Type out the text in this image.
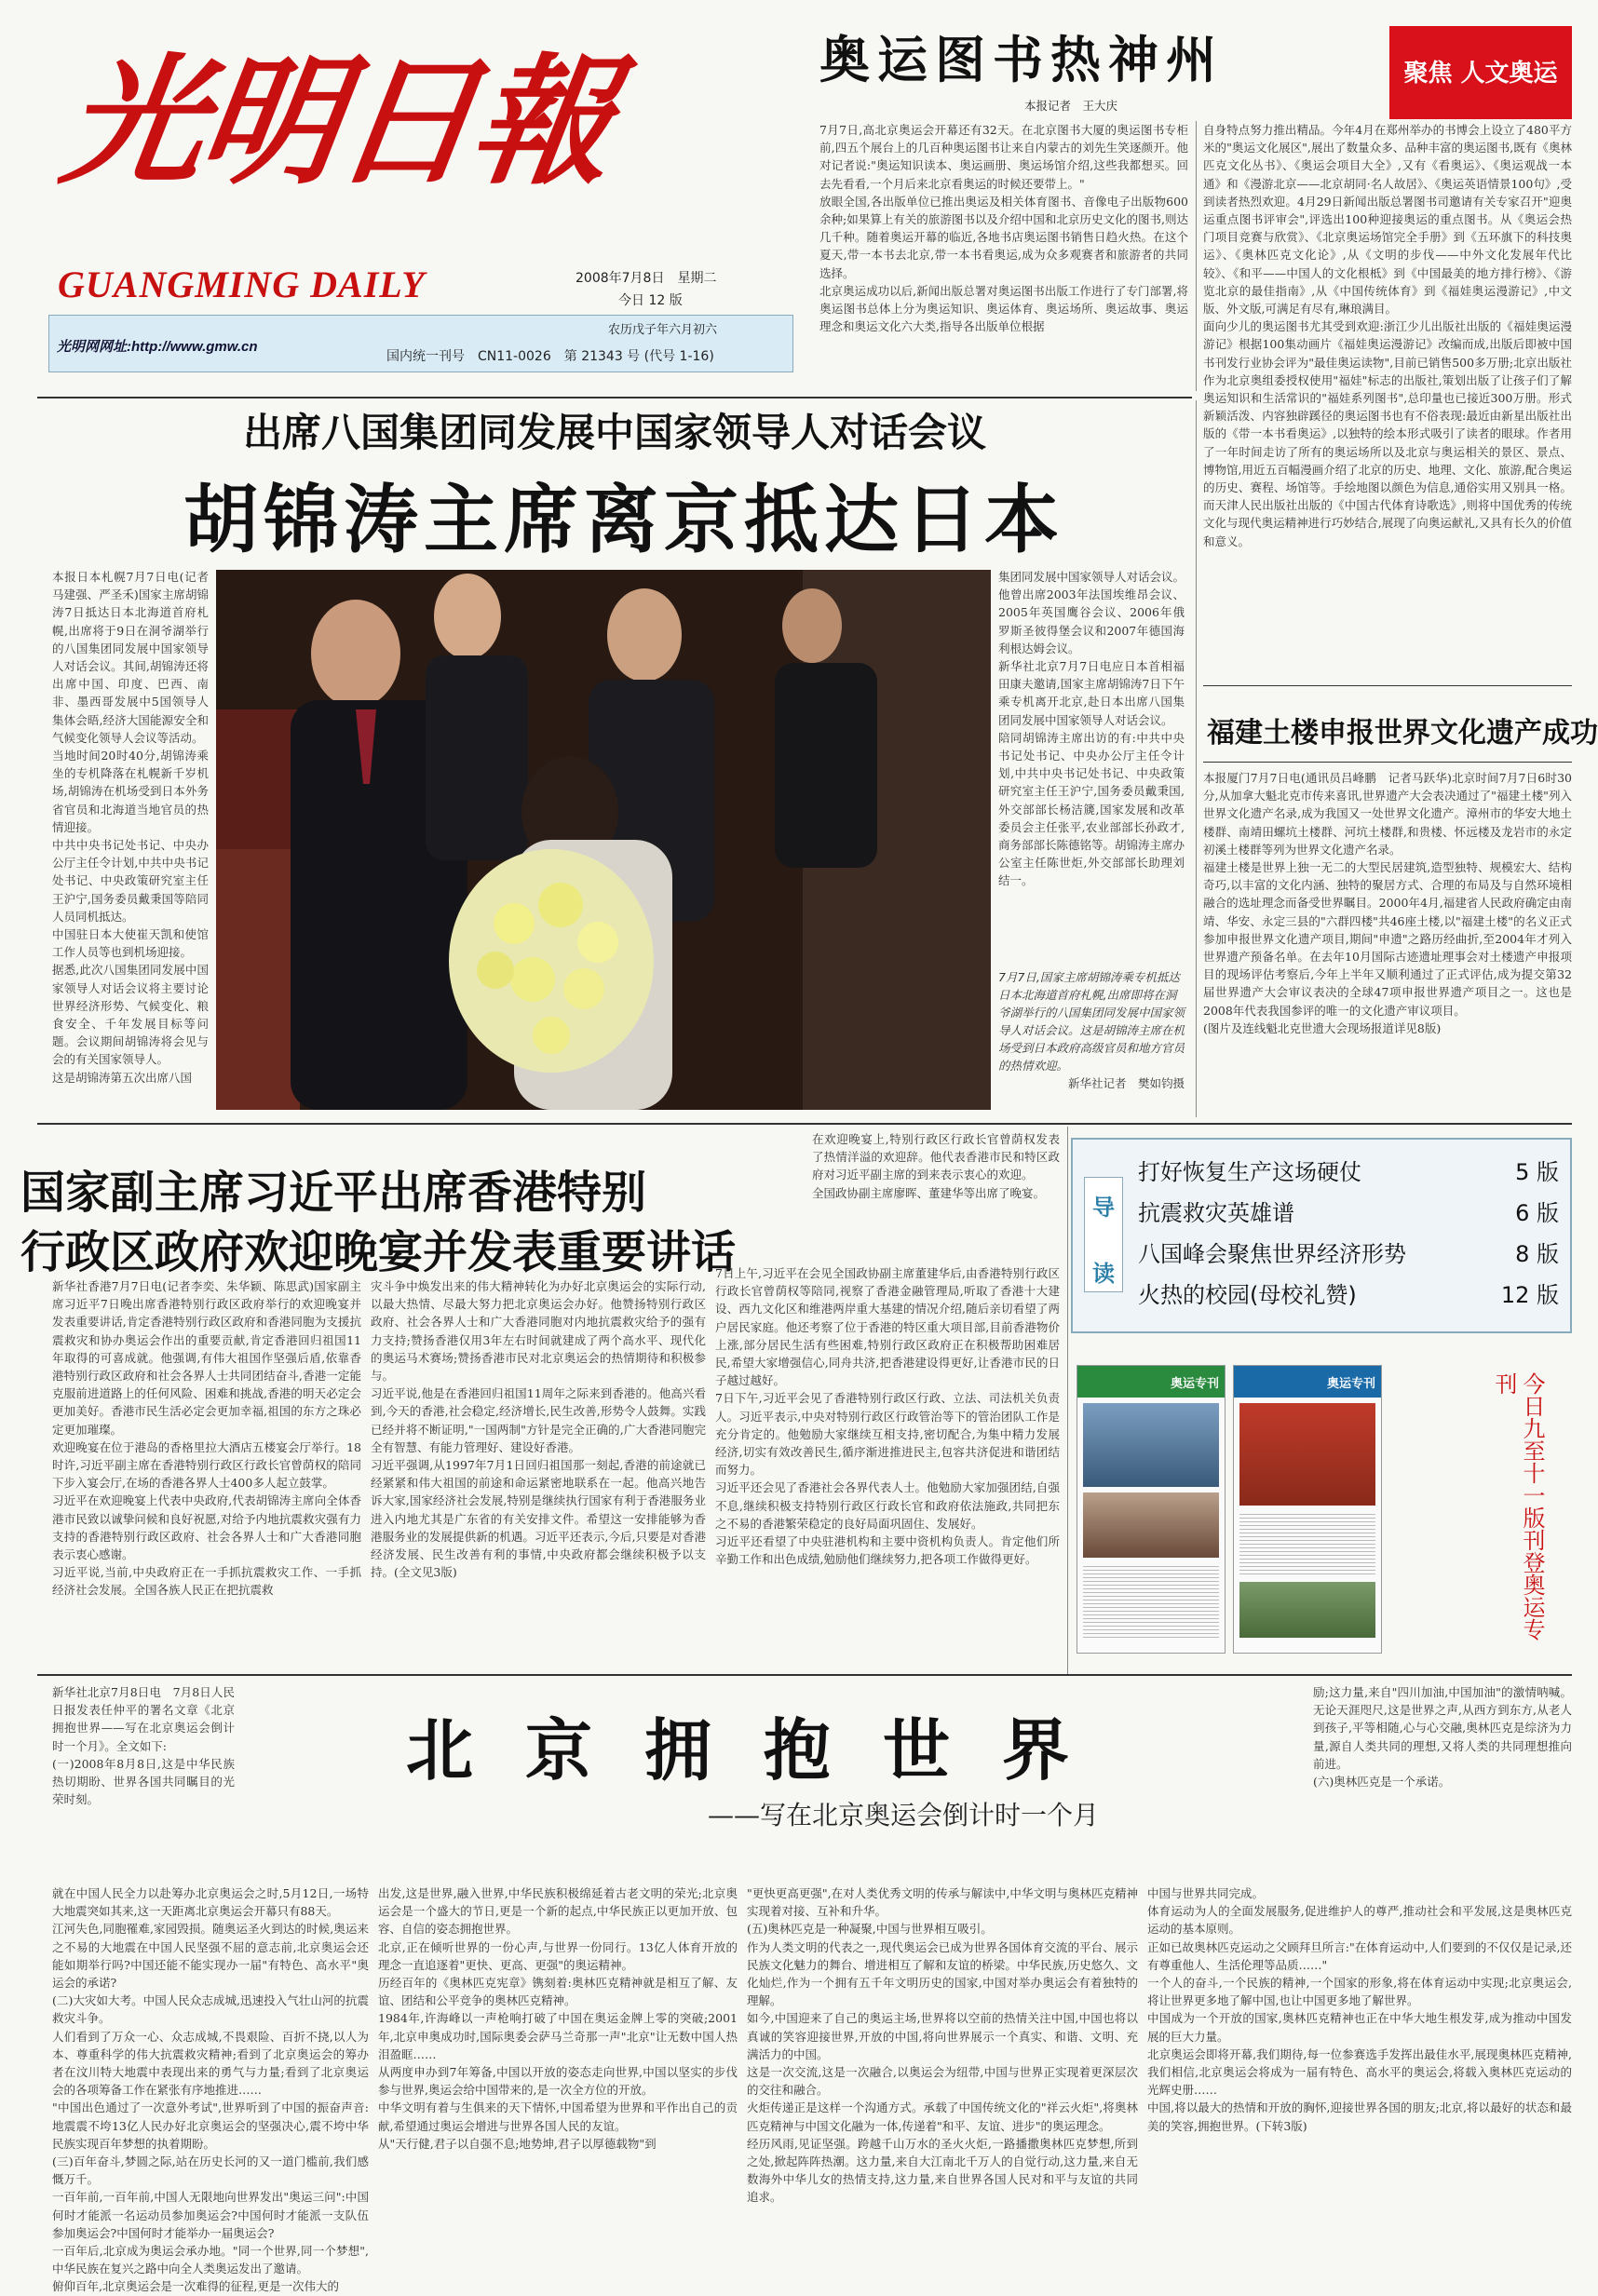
光明日報
GUANGMING DAILY	2008年7月8日　星期二
今日 12 版
光明网网址:http://www.gmw.cn
农历戊子年六月初六
国内统一刊号　CN11-0026　第 21343 号 (代号 1-16)
奥运图书热神州	聚焦 人文奥运
本报记者　王大庆
7月7日,高北京奥运会开幕还有32天。在北京图书大厦的奥运图书专柜前,四五个展台上的几百种奥运图书让来自内蒙古的刘先生笑逐颜开。他对记者说:"奥运知识读本、奥运画册、奥运场馆介绍,这些我都想买。回去先看看,一个月后来北京看奥运的时候还要带上。"
放眼全国,各出版单位已推出奥运及相关体育图书、音像电子出版物600余种;如果算上有关的旅游图书以及介绍中国和北京历史文化的图书,则达几千种。随着奥运开幕的临近,各地书店奥运图书销售日趋火热。在这个夏天,带一本书去北京,带一本书看奥运,成为众多观赛者和旅游者的共同选择。
北京奥运成功以后,新闻出版总署对奥运图书出版工作进行了专门部署,将奥运图书总体上分为奥运知识、奥运体育、奥运场所、奥运故事、奥运理念和奥运文化六大类,指导各出版单位根据
自身特点努力推出精品。今年4月在郑州举办的书博会上设立了480平方米的"奥运文化展区",展出了数量众多、品种丰富的奥运图书,既有《奥林匹克文化丛书》、《奥运会项目大全》,又有《看奥运》、《奥运观战一本通》和《漫游北京——北京胡同·名人故居》、《奥运英语情景100句》,受到读者热烈欢迎。4月29日新闻出版总署图书司邀请有关专家召开"迎奥运重点图书评审会",评选出100种迎接奥运的重点图书。从《奥运会热门项目竞赛与欣赏》、《北京奥运场馆完全手册》到《五环旗下的科技奥运》、《奥林匹克文化论》,从《文明的步伐——中外文化发展年代比较》、《和平——中国人的文化根柢》到《中国最美的地方排行榜》、《游览北京的最佳指南》,从《中国传统体育》到《福娃奥运漫游记》,中文版、外文版,可满足有尽有,琳琅满目。
面向少儿的奥运图书尤其受到欢迎:浙江少儿出版社出版的《福娃奥运漫游记》根据100集动画片《福娃奥运漫游记》改编而成,出版后即被中国书刊发行业协会评为"最佳奥运读物",目前已销售500多万册;北京出版社作为北京奥组委授权使用"福娃"标志的出版社,策划出版了让孩子们了解奥运知识和生活常识的"福娃系列图书",总印量也已接近300万册。形式新颖活泼、内容独辟蹊径的奥运图书也有不俗表现:最近由新星出版社出版的《带一本书看奥运》,以独特的绘本形式吸引了读者的眼球。作者用了一年时间走访了所有的奥运场所以及北京与奥运相关的景区、景点、博物馆,用近五百幅漫画介绍了北京的历史、地理、文化、旅游,配合奥运的历史、赛程、场馆等。手绘地图以颜色为信息,通俗实用又别具一格。而天津人民出版社出版的《中国古代体育诗歌选》,则将中国优秀的传统文化与现代奥运精神进行巧妙结合,展现了向奥运献礼,又具有长久的价值和意义。
出席八国集团同发展中国家领导人对话会议
胡锦涛主席离京抵达日本
本报日本札幌7月7日电(记者马建强、严圣禾)国家主席胡锦涛7日抵达日本北海道首府札幌,出席将于9日在洞爷湖举行的八国集团同发展中国家领导人对话会议。其间,胡锦涛还将出席中国、印度、巴西、南非、墨西哥发展中5国领导人集体会晤,经济大国能源安全和气候变化领导人会议等活动。
当地时间20时40分,胡锦涛乘坐的专机降落在札幌新千岁机场,胡锦涛在机场受到日本外务省官员和北海道当地官员的热情迎接。
中共中央书记处书记、中央办公厅主任令计划,中共中央书记处书记、中央政策研究室主任王沪宁,国务委员戴秉国等陪同人员同机抵达。
中国驻日本大使崔天凯和使馆工作人员等也到机场迎接。
据悉,此次八国集团同发展中国家领导人对话会议将主要讨论世界经济形势、气候变化、粮食安全、千年发展目标等问题。会议期间胡锦涛将会见与会的有关国家领导人。
这是胡锦涛第五次出席八国
集团同发展中国家领导人对话会议。他曾出席2003年法国埃维昂会议、2005年英国鹰谷会议、2006年俄罗斯圣彼得堡会议和2007年德国海利根达姆会议。
新华社北京7月7日电应日本首相福田康夫邀请,国家主席胡锦涛7日下午乘专机离开北京,赴日本出席八国集团同发展中国家领导人对话会议。
陪同胡锦涛主席出访的有:中共中央书记处书记、中央办公厅主任令计划,中共中央书记处书记、中央政策研究室主任王沪宁,国务委员戴秉国,外交部部长杨洁篪,国家发展和改革委员会主任张平,农业部部长孙政才,商务部部长陈德铭等。胡锦涛主席办公室主任陈世炬,外交部部长助理刘结一。
7月7日,国家主席胡锦涛乘专机抵达日本北海道首府札幌,出席即将在洞爷湖举行的八国集团同发展中国家领导人对话会议。这是胡锦涛主席在机场受到日本政府高级官员和地方官员的热情欢迎。
新华社记者　樊如钧摄
福建土楼申报世界文化遗产成功
本报厦门7月7日电(通讯员吕峰鹏　记者马跃华)北京时间7月7日6时30分,从加拿大魁北克市传来喜讯,世界遗产大会表决通过了"福建土楼"列入世界文化遗产名录,成为我国又一处世界文化遗产。漳州市的华安大地土楼群、南靖田螺坑土楼群、河坑土楼群,和贵楼、怀远楼及龙岩市的永定初溪土楼群等列为世界文化遗产名录。
福建土楼是世界上独一无二的大型民居建筑,造型独特、规模宏大、结构奇巧,以丰富的文化内涵、独特的聚居方式、合理的布局及与自然环境相融合的选址理念而备受世界瞩目。2000年4月,福建省人民政府确定由南靖、华安、永定三县的"六群四楼"共46座土楼,以"福建土楼"的名义正式参加申报世界文化遗产项目,期间"申遗"之路历经曲折,至2004年才列入世界遗产预备名单。在去年10月国际古迹遗址理事会对土楼遗产申报项目的现场评估考察后,今年上半年又顺利通过了正式评估,成为提交第32届世界遗产大会审议表决的全球47项申报世界遗产项目之一。这也是2008年代表我国参评的唯一的文化遗产审议项目。
(图片及连线魁北克世遗大会现场报道详见8版)
国家副主席习近平出席香港特别
行政区政府欢迎晚宴并发表重要讲话
在欢迎晚宴上,特别行政区行政长官曾荫权发表了热情洋溢的欢迎辞。他代表香港市民和特区政府对习近平副主席的到来表示衷心的欢迎。
全国政协副主席廖晖、董建华等出席了晚宴。
新华社香港7月7日电(记者李奕、朱华颖、陈思武)国家副主席习近平7日晚出席香港特别行政区政府举行的欢迎晚宴并发表重要讲话,肯定香港特别行政区政府和香港同胞为支援抗震救灾和协办奥运会作出的重要贡献,肯定香港回归祖国11年取得的可喜成就。他强调,有伟大祖国作坚强后盾,依靠香港特别行政区政府和社会各界人士共同团结奋斗,香港一定能克服前进道路上的任何风险、困难和挑战,香港的明天必定会更加美好。香港市民生活必定会更加幸福,祖国的东方之珠必定更加璀璨。
欢迎晚宴在位于港岛的香格里拉大酒店五楼宴会厅举行。18时许,习近平副主席在香港特别行政区行政长官曾荫权的陪同下步入宴会厅,在场的香港各界人士400多人起立鼓掌。
习近平在欢迎晚宴上代表中央政府,代表胡锦涛主席向全体香港市民致以诚挚问候和良好祝愿,对给予内地抗震救灾强有力支持的香港特别行政区政府、社会各界人士和广大香港同胞表示衷心感谢。
习近平说,当前,中央政府正在一手抓抗震救灾工作、一手抓经济社会发展。全国各族人民正在把抗震救
灾斗争中焕发出来的伟大精神转化为办好北京奥运会的实际行动,以最大热情、尽最大努力把北京奥运会办好。他赞扬特别行政区政府、社会各界人士和广大香港同胞对内地抗震救灾给予的强有力支持;赞扬香港仅用3年左右时间就建成了两个高水平、现代化的奥运马术赛场;赞扬香港市民对北京奥运会的热情期待和积极参与。
习近平说,他是在香港回归祖国11周年之际来到香港的。他高兴看到,今天的香港,社会稳定,经济增长,民生改善,形势令人鼓舞。实践已经并将不断证明,"一国两制"方针是完全正确的,广大香港同胞完全有智慧、有能力管理好、建设好香港。
习近平强调,从1997年7月1日回归祖国那一刻起,香港的前途就已经紧紧和伟大祖国的前途和命运紧密地联系在一起。他高兴地告诉大家,国家经济社会发展,特别是继续执行国家有利于香港服务业进入内地尤其是广东省的有关安排文件。希望这一安排能够为香港服务业的发展提供新的机遇。习近平还表示,今后,只要是对香港经济发展、民生改善有利的事情,中央政府都会继续积极予以支持。(全文见3版)
7日上午,习近平在会见全国政协副主席董建华后,由香港特别行政区行政长官曾荫权等陪同,视察了香港金融管理局,听取了香港十大建设、西九文化区和维港两岸重大基建的情况介绍,随后亲切看望了两户居民家庭。他还考察了位于香港的特区重大项目部,目前香港物价上涨,部分居民生活有些困难,特别行政区政府正在积极帮助困难居民,希望大家增强信心,同舟共济,把香港建设得更好,让香港市民的日子越过越好。
7日下午,习近平会见了香港特别行政区行政、立法、司法机关负责人。习近平表示,中央对特别行政区行政管治等下的管治团队工作是充分肯定的。他勉励大家继续互相支持,密切配合,为集中精力发展经济,切实有效改善民生,循序渐进推进民主,包容共济促进和谐团结而努力。
习近平还会见了香港社会各界代表人士。他勉励大家加强团结,自强不息,继续积极支持特别行政区行政长官和政府依法施政,共同把东之不易的香港繁荣稳定的良好局面巩固住、发展好。
习近平还看望了中央驻港机构和主要中资机构负责人。肯定他们所辛勤工作和出色成绩,勉励他们继续努力,把各项工作做得更好。
导
读
打好恢复生产这场硬仗	5 版
抗震救灾英雄谱	6 版
八国峰会聚焦世界经济形势	8 版
火热的校园(母校礼赞)	12 版
奥运专刊	奥运专刊	今日九至十一版刊登奥运专刊
新华社北京7月8日电　7月8日人民日报发表任仲平的署名文章《北京拥抱世界——写在北京奥运会倒计时一个月》。全文如下:
(一)2008年8月8日,这是中华民族热切期盼、世界各国共同瞩目的光荣时刻。
北京拥抱世界
——写在北京奥运会倒计时一个月
励;这力量,来自"四川加油,中国加油"的激情呐喊。无论天涯咫尺,这是世界之声,从西方到东方,从老人到孩子,平等相随,心与心交融,奥林匹克是综济为力量,源自人类共同的理想,又将人类的共同理想推向前进。
(六)奥林匹克是一个承诺。
就在中国人民全力以赴筹办北京奥运会之时,5月12日,一场特大地震突如其来,这一天距离北京奥运会开幕只有88天。
江河失色,同胞罹难,家园毁损。随奥运圣火到达的时候,奥运来之不易的大地震在中国人民坚强不屈的意志前,北京奥运会还能如期举行吗?中国还能不能实现办一届"有特色、高水平"奥运会的承诺?
(二)大灾如大考。中国人民众志成城,迅速投入气壮山河的抗震救灾斗争。
人们看到了万众一心、众志成城,不畏艰险、百折不挠,以人为本、尊重科学的伟大抗震救灾精神;看到了北京奥运会的筹办者在汶川特大地震中表现出来的勇气与力量;看到了北京奥运会的各项筹备工作在紧张有序地推进……
"中国出色通过了一次意外考试",世界听到了中国的振奋声音:地震震不垮13亿人民办好北京奥运会的坚强决心,震不垮中华民族实现百年梦想的执着期盼。
(三)百年奋斗,梦圆之际,站在历史长河的又一道门槛前,我们感慨万千。
一百年前,一百年前,中国人无限地向世界发出"奥运三问":中国何时才能派一名运动员参加奥运会?中国何时才能派一支队伍参加奥运会?中国何时才能举办一届奥运会?
一百年后,北京成为奥运会承办地。"同一个世界,同一个梦想",中华民族在复兴之路中向全人类奥运发出了邀请。
俯仰百年,北京奥运会是一次难得的征程,更是一次伟大的
出发,这是世界,融入世界,中华民族积极绵延着古老文明的荣光;北京奥运会是一个盛大的节日,更是一个新的起点,中华民族正以更加开放、包容、自信的姿态拥抱世界。
北京,正在倾听世界的一份心声,与世界一份同行。13亿人体育开放的理念一直追逐着"更快、更高、更强"的奥运精神。
历经百年的《奥林匹克宪章》镌刻着:奥林匹克精神就是相互了解、友谊、团结和公平竞争的奥林匹克精神。
1984年,许海峰以一声枪响打破了中国在奥运金牌上零的突破;2001年,北京申奥成功时,国际奥委会萨马兰奇那一声"北京"让无数中国人热泪盈眶……
从两度申办到7年筹备,中国以开放的姿态走向世界,中国以坚实的步伐参与世界,奥运会给中国带来的,是一次全方位的开放。
中华文明有着与生俱来的天下情怀,中国希望为世界和平作出自己的贡献,希望通过奥运会增进与世界各国人民的友谊。
从"天行健,君子以自强不息;地势坤,君子以厚德载物"到
"更快更高更强",在对人类优秀文明的传承与解读中,中华文明与奥林匹克精神实现着对接、互补和升华。
(五)奥林匹克是一种凝聚,中国与世界相互吸引。
作为人类文明的代表之一,现代奥运会已成为世界各国体育交流的平台、展示民族文化魅力的舞台、增进相互了解和友谊的桥梁。中华民族,历史悠久、文化灿烂,作为一个拥有五千年文明历史的国家,中国对举办奥运会有着独特的理解。
如今,中国迎来了自己的奥运主场,世界将以空前的热情关注中国,中国也将以真诚的笑容迎接世界,开放的中国,将向世界展示一个真实、和谐、文明、充满活力的中国。
这是一次交流,这是一次融合,以奥运会为纽带,中国与世界正实现着更深层次的交往和融合。
火炬传递正是这样一个沟通方式。承载了中国传统文化的"祥云火炬",将奥林匹克精神与中国文化融为一体,传递着"和平、友谊、进步"的奥运理念。
经历风雨,见证坚强。跨越千山万水的圣火火炬,一路播撒奥林匹克梦想,所到之处,掀起阵阵热潮。这力量,来自大江南北千万人的自觉行动,这力量,来自无数海外中华儿女的热情支持,这力量,来自世界各国人民对和平与友谊的共同追求。
中国与世界共同完成。
体育运动为人的全面发展服务,促进维护人的尊严,推动社会和平发展,这是奥林匹克运动的基本原则。
正如已故奥林匹克运动之父顾拜旦所言:"在体育运动中,人们要到的不仅仅是记录,还有尊重他人、生活伦理等品质……"
一个人的奋斗,一个民族的精神,一个国家的形象,将在体育运动中实现;北京奥运会,将让世界更多地了解中国,也让中国更多地了解世界。
中国成为一个开放的国家,奥林匹克精神也正在中华大地生根发芽,成为推动中国发展的巨大力量。
北京奥运会即将开幕,我们期待,每一位参赛选手发挥出最佳水平,展现奥林匹克精神,我们相信,北京奥运会将成为一届有特色、高水平的奥运会,将载入奥林匹克运动的光辉史册……
中国,将以最大的热情和开放的胸怀,迎接世界各国的朋友;北京,将以最好的状态和最美的笑容,拥抱世界。(下转3版)
